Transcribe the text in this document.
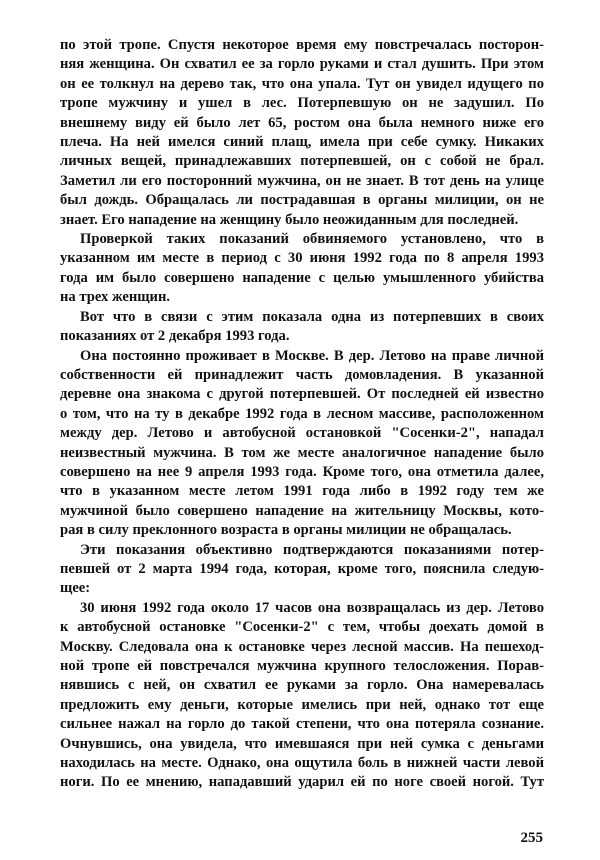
по этой тропе. Спустя некоторое время ему повстречалась посторон-
няя женщина. Он схватил ее за горло руками и стал душить. При этом
он ее толкнул на дерево так, что она упала. Тут он увидел идущего по
тропе мужчину и ушел в лес. Потерпевшую он не задушил. По
внешнему виду ей было лет 65, ростом она была немного ниже его
плеча. На ней имелся синий плащ, имела при себе сумку. Никаких
личных вещей, принадлежавших потерпевшей, он с собой не брал.
Заметил ли его посторонний мужчина, он не знает. В тот день на улице
был дождь. Обращалась ли пострадавшая в органы милиции, он не
знает. Его нападение на женщину было неожиданным для последней.
Проверкой таких показаний обвиняемого установлено, что в
указанном им месте в период с 30 июня 1992 года по 8 апреля 1993
года им было совершено нападение с целью умышленного убийства
на трех женщин.
Вот что в связи с этим показала одна из потерпевших в своих
показаниях от 2 декабря 1993 года.
Она постоянно проживает в Москве. В дер. Летово на праве личной
собственности ей принадлежит часть домовладения. В указанной
деревне она знакома с другой потерпевшей. От последней ей известно
о том, что на ту в декабре 1992 года в лесном массиве, расположенном
между дер. Летово и автобусной остановкой "Сосенки-2", нападал
неизвестный мужчина. В том же месте аналогичное нападение было
совершено на нее 9 апреля 1993 года. Кроме того, она отметила далее,
что в указанном месте летом 1991 года либо в 1992 году тем же
мужчиной было совершено нападение на жительницу Москвы, кото-
рая в силу преклонного возраста в органы милиции не обращалась.
Эти показания объективно подтверждаются показаниями потер-
певшей от 2 марта 1994 года, которая, кроме того, пояснила следую-
щее:
30 июня 1992 года около 17 часов она возвращалась из дер. Летово
к автобусной остановке "Сосенки-2" с тем, чтобы доехать домой в
Москву. Следовала она к остановке через лесной массив. На пешеход-
ной тропе ей повстречался мужчина крупного телосложения. Порав-
нявшись с ней, он схватил ее руками за горло. Она намеревалась
предложить ему деньги, которые имелись при ней, однако тот еще
сильнее нажал на горло до такой степени, что она потеряла сознание.
Очнувшись, она увидела, что имевшаяся при ней сумка с деньгами
находилась на месте. Однако, она ощутила боль в нижней части левой
ноги. По ее мнению, нападавший ударил ей по ноге своей ногой. Тут
255
